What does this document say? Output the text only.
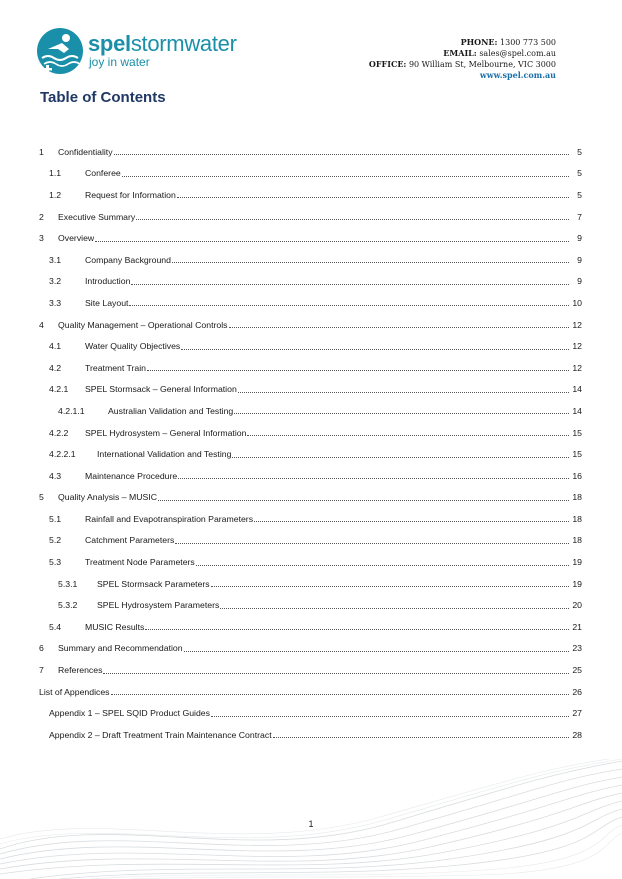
spelstormwater
joy in water
PHONE: 1300 773 500
EMAIL: sales@spel.com.au
OFFICE: 90 William St, Melbourne, VIC 3000
www.spel.com.au
Table of Contents
1	Confidentiality	5
1.1	Conferee	5
1.2	Request for Information	5
2	Executive Summary	7
3	Overview	9
3.1	Company Background	9
3.2	Introduction	9
3.3	Site Layout	10
4	Quality Management – Operational Controls	12
4.1	Water Quality Objectives	12
4.2	Treatment Train	12
4.2.1	SPEL Stormsack – General Information	14
4.2.1.1	Australian Validation and Testing	14
4.2.2	SPEL Hydrosystem – General Information	15
4.2.2.1	International Validation and Testing	15
4.3	Maintenance Procedure	16
5	Quality Analysis – MUSIC	18
5.1	Rainfall and Evapotranspiration Parameters	18
5.2	Catchment Parameters	18
5.3	Treatment Node Parameters	19
5.3.1	SPEL Stormsack Parameters	19
5.3.2	SPEL Hydrosystem Parameters	20
5.4	MUSIC Results	21
6	Summary and Recommendation	23
7	References	25
List of Appendices	26
Appendix 1 – SPEL SQID Product Guides	27
Appendix 2 – Draft Treatment Train Maintenance Contract	28
1
